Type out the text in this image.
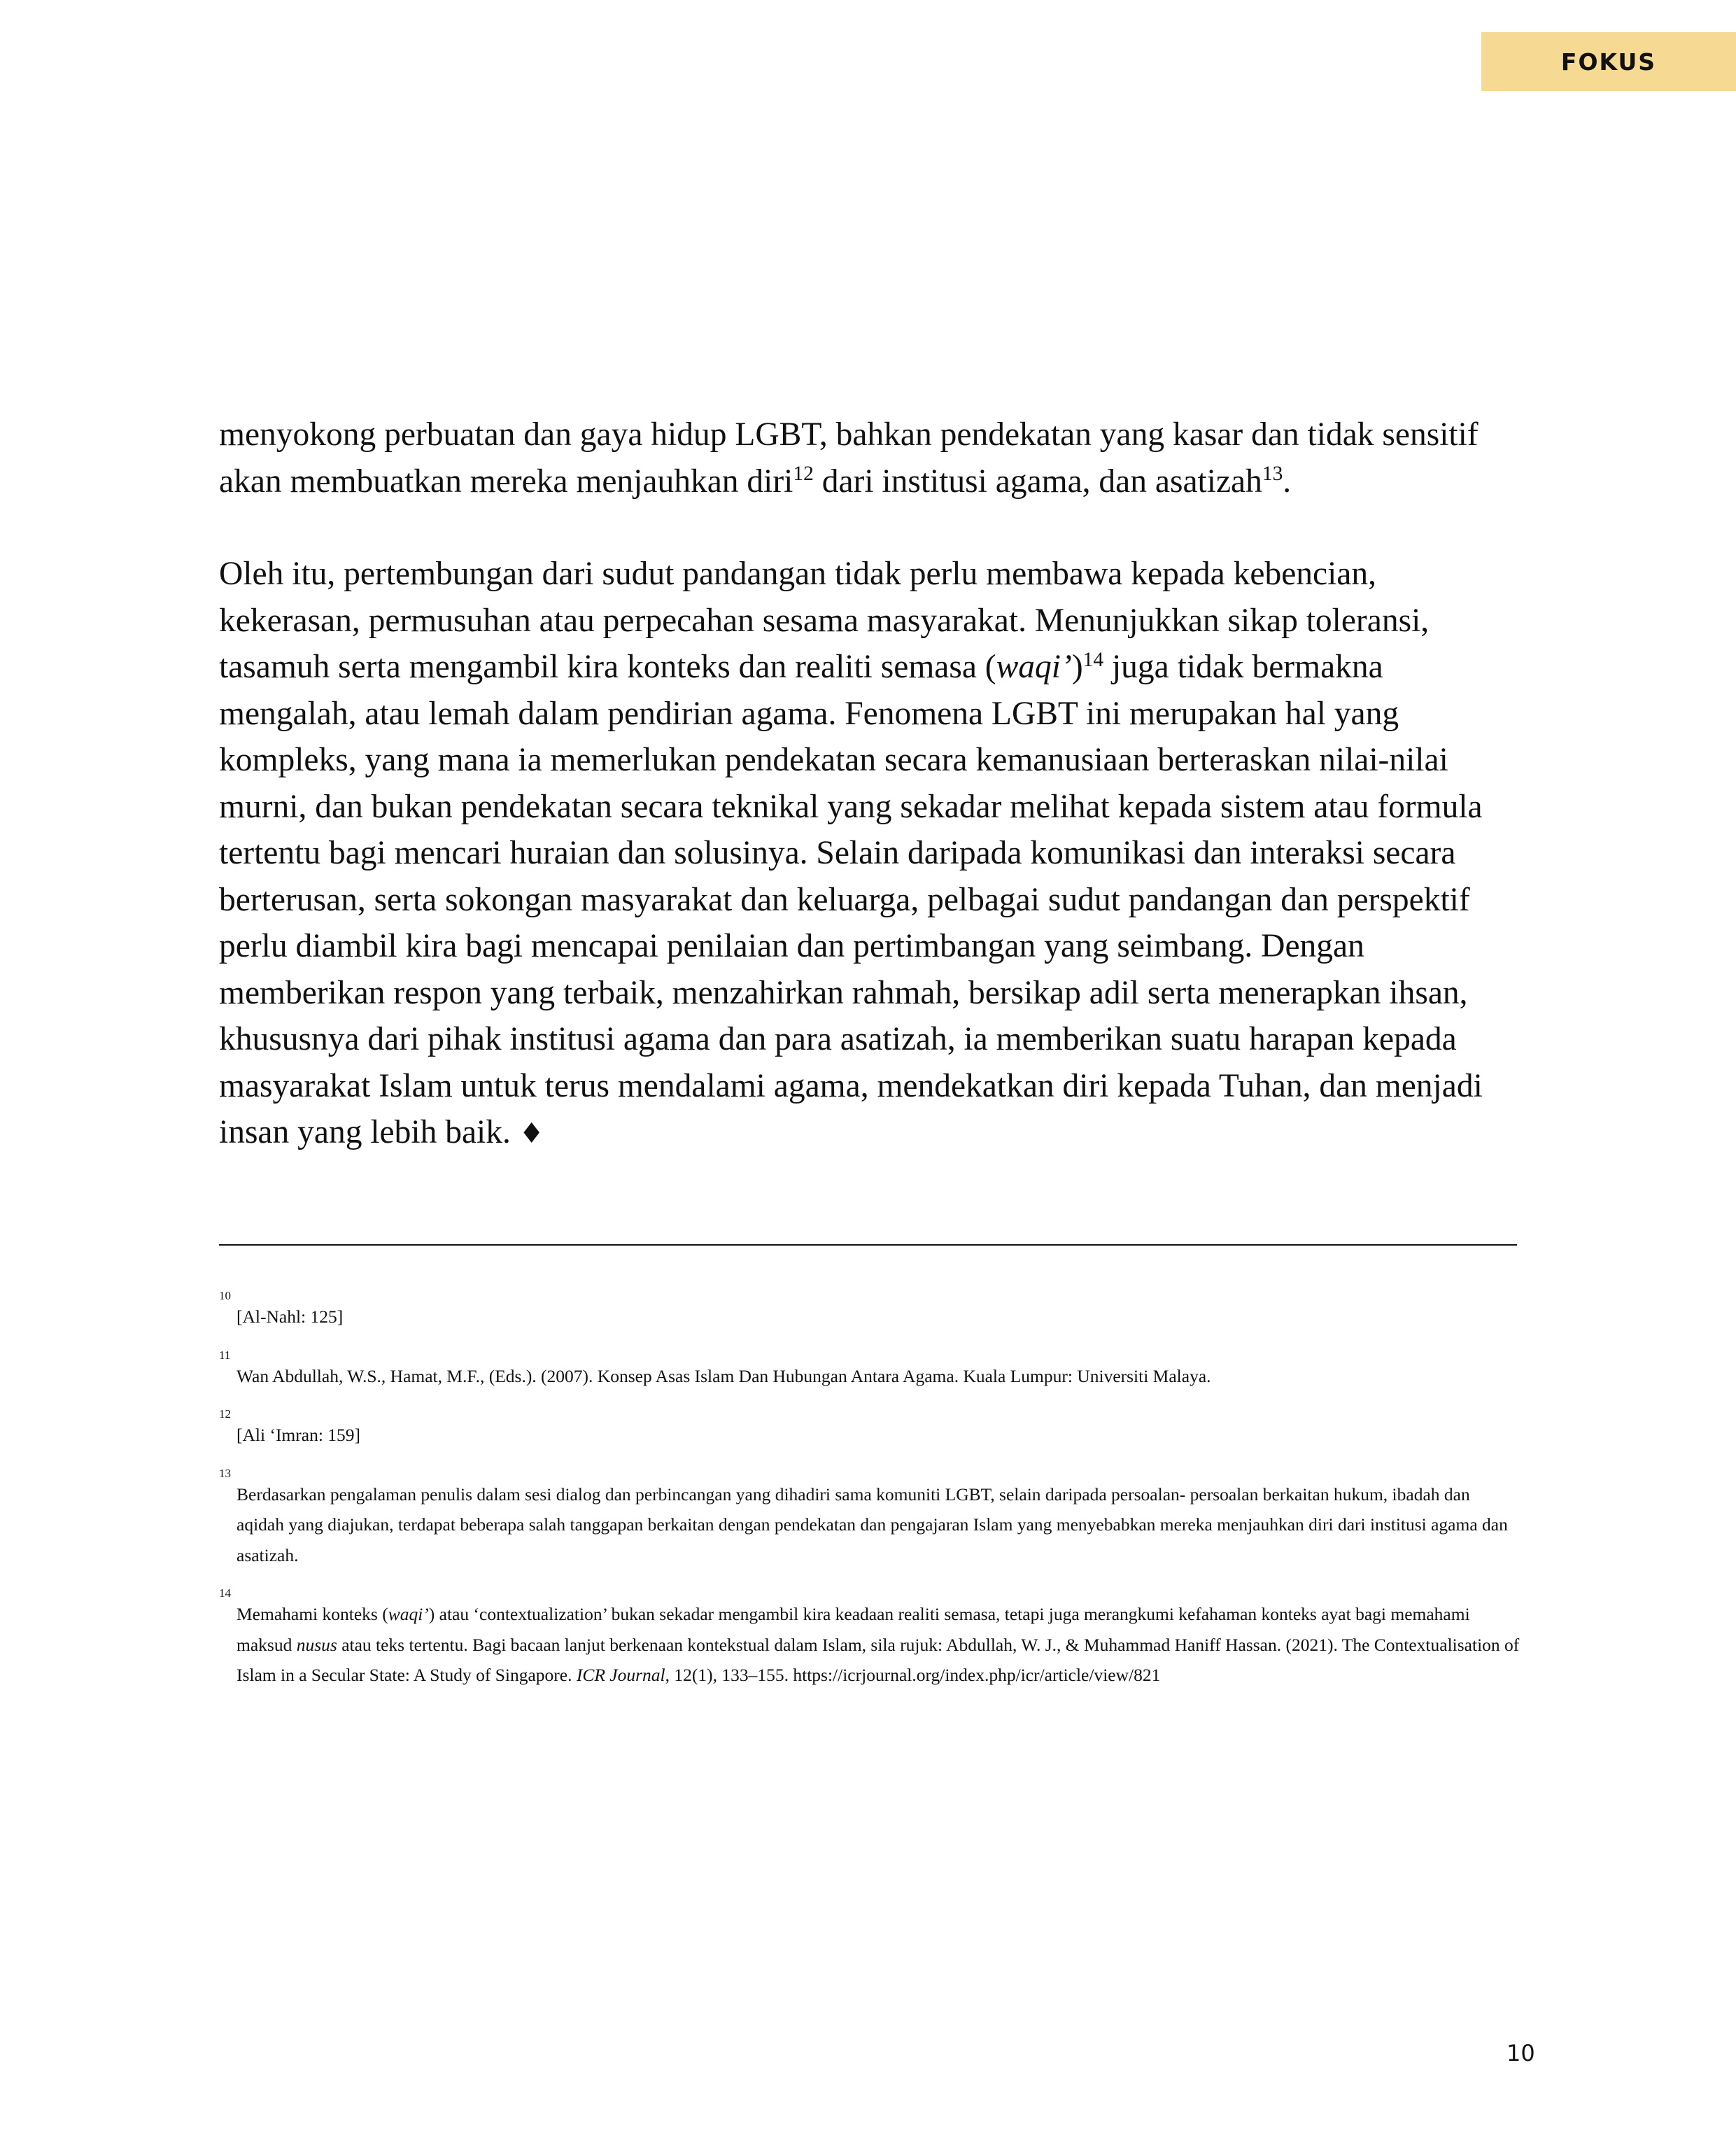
FOKUS

menyokong perbuatan dan gaya hidup LGBT, bahkan pendekatan yang kasar dan tidak sensitif akan membuatkan mereka menjauhkan diri$^{12}$ dari institusi agama, dan asatizah$^{13}$.

Oleh itu, pertembungan dari sudut pandangan tidak perlu membawa kepada kebencian, kekerasan, permusuhan atau perpecahan sesama masyarakat. Menunjukkan sikap toleransi, tasamuh serta mengambil kira konteks dan realiti semasa (waqi’)$^{14}$ juga tidak bermakna mengalah, atau lemah dalam pendirian agama. Fenomena LGBT ini merupakan hal yang kompleks, yang mana ia memerlukan pendekatan secara kemanusiaan berteraskan nilai-nilai murni, dan bukan pendekatan secara teknikal yang sekadar melihat kepada sistem atau formula tertentu bagi mencari huraian dan solusinya. Selain daripada komunikasi dan interaksi secara berterusan, serta sokongan masyarakat dan keluarga, pelbagai sudut pandangan dan perspektif perlu diambil kira bagi mencapai penilaian dan pertimbangan yang seimbang. Dengan memberikan respon yang terbaik, menzahirkan rahmah, bersikap adil serta menerapkan ihsan, khususnya dari pihak institusi agama dan para asatizah, ia memberikan suatu harapan kepada masyarakat Islam untuk terus mendalami agama, mendekatkan diri kepada Tuhan, dan menjadi insan yang lebih baik. ♦

10
[Al-Nahl: 125]

11
Wan Abdullah, W.S., Hamat, M.F., (Eds.). (2007). Konsep Asas Islam Dan Hubungan Antara Agama. Kuala Lumpur: Universiti Malaya.

12
[Ali ‘Imran: 159]

13
Berdasarkan pengalaman penulis dalam sesi dialog dan perbincangan yang dihadiri sama komuniti LGBT, selain daripada persoalan- persoalan berkaitan hukum, ibadah dan aqidah yang diajukan, terdapat beberapa salah tanggapan berkaitan dengan pendekatan dan pengajaran Islam yang menyebabkan mereka menjauhkan diri dari institusi agama dan asatizah.

14
Memahami konteks (waqi’) atau ‘contextualization’ bukan sekadar mengambil kira keadaan realiti semasa, tetapi juga merangkumi kefahaman konteks ayat bagi memahami maksud nusus atau teks tertentu. Bagi bacaan lanjut berkenaan kontekstual dalam Islam, sila rujuk: Abdullah, W. J., & Muhammad Haniff Hassan. (2021). The Contextualisation of Islam in a Secular State: A Study of Singapore. ICR Journal, 12(1), 133–155. https://icrjournal.org/index.php/icr/article/view/821

10
